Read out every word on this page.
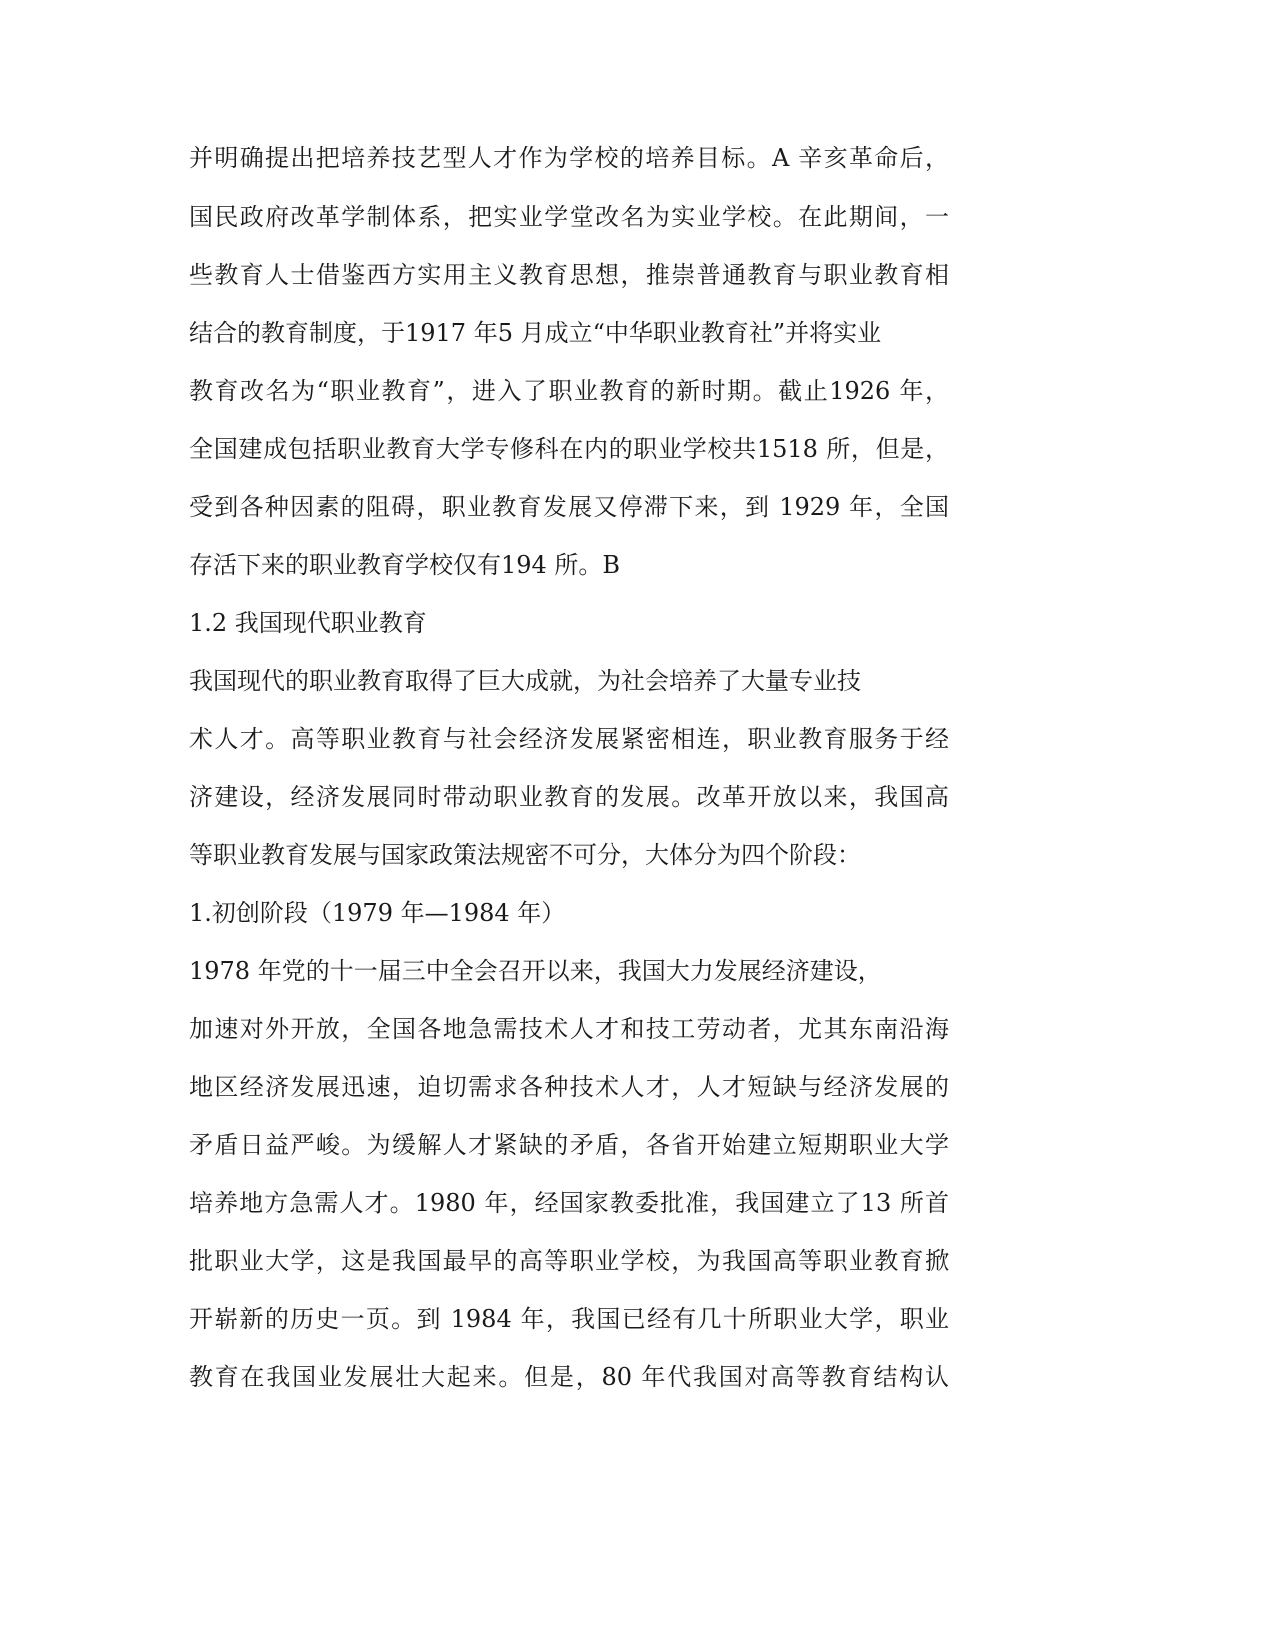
并明确提出把培养技艺型人才作为学校的培养目标。A 辛亥革命后，
国民政府改革学制体系，把实业学堂改名为实业学校。在此期间，一
些教育人士借鉴西方实用主义教育思想，推崇普通教育与职业教育相
结合的教育制度，于1917 年5 月成立“中华职业教育社”并将实业
教育改名为“职业教育”，进入了职业教育的新时期。截止1926 年，
全国建成包括职业教育大学专修科在内的职业学校共1518 所，但是，
受到各种因素的阻碍，职业教育发展又停滞下来，到 1929 年，全国
存活下来的职业教育学校仅有194 所。B
1.2 我国现代职业教育
我国现代的职业教育取得了巨大成就，为社会培养了大量专业技
术人才。高等职业教育与社会经济发展紧密相连，职业教育服务于经
济建设，经济发展同时带动职业教育的发展。改革开放以来，我国高
等职业教育发展与国家政策法规密不可分，大体分为四个阶段：
1.初创阶段（1979 年—1984 年）
1978 年党的十一届三中全会召开以来，我国大力发展经济建设，
加速对外开放，全国各地急需技术人才和技工劳动者，尤其东南沿海
地区经济发展迅速，迫切需求各种技术人才，人才短缺与经济发展的
矛盾日益严峻。为缓解人才紧缺的矛盾，各省开始建立短期职业大学
培养地方急需人才。1980 年，经国家教委批准，我国建立了13 所首
批职业大学，这是我国最早的高等职业学校，为我国高等职业教育掀
开崭新的历史一页。到 1984 年，我国已经有几十所职业大学，职业
教育在我国业发展壮大起来。但是，80 年代我国对高等教育结构认
